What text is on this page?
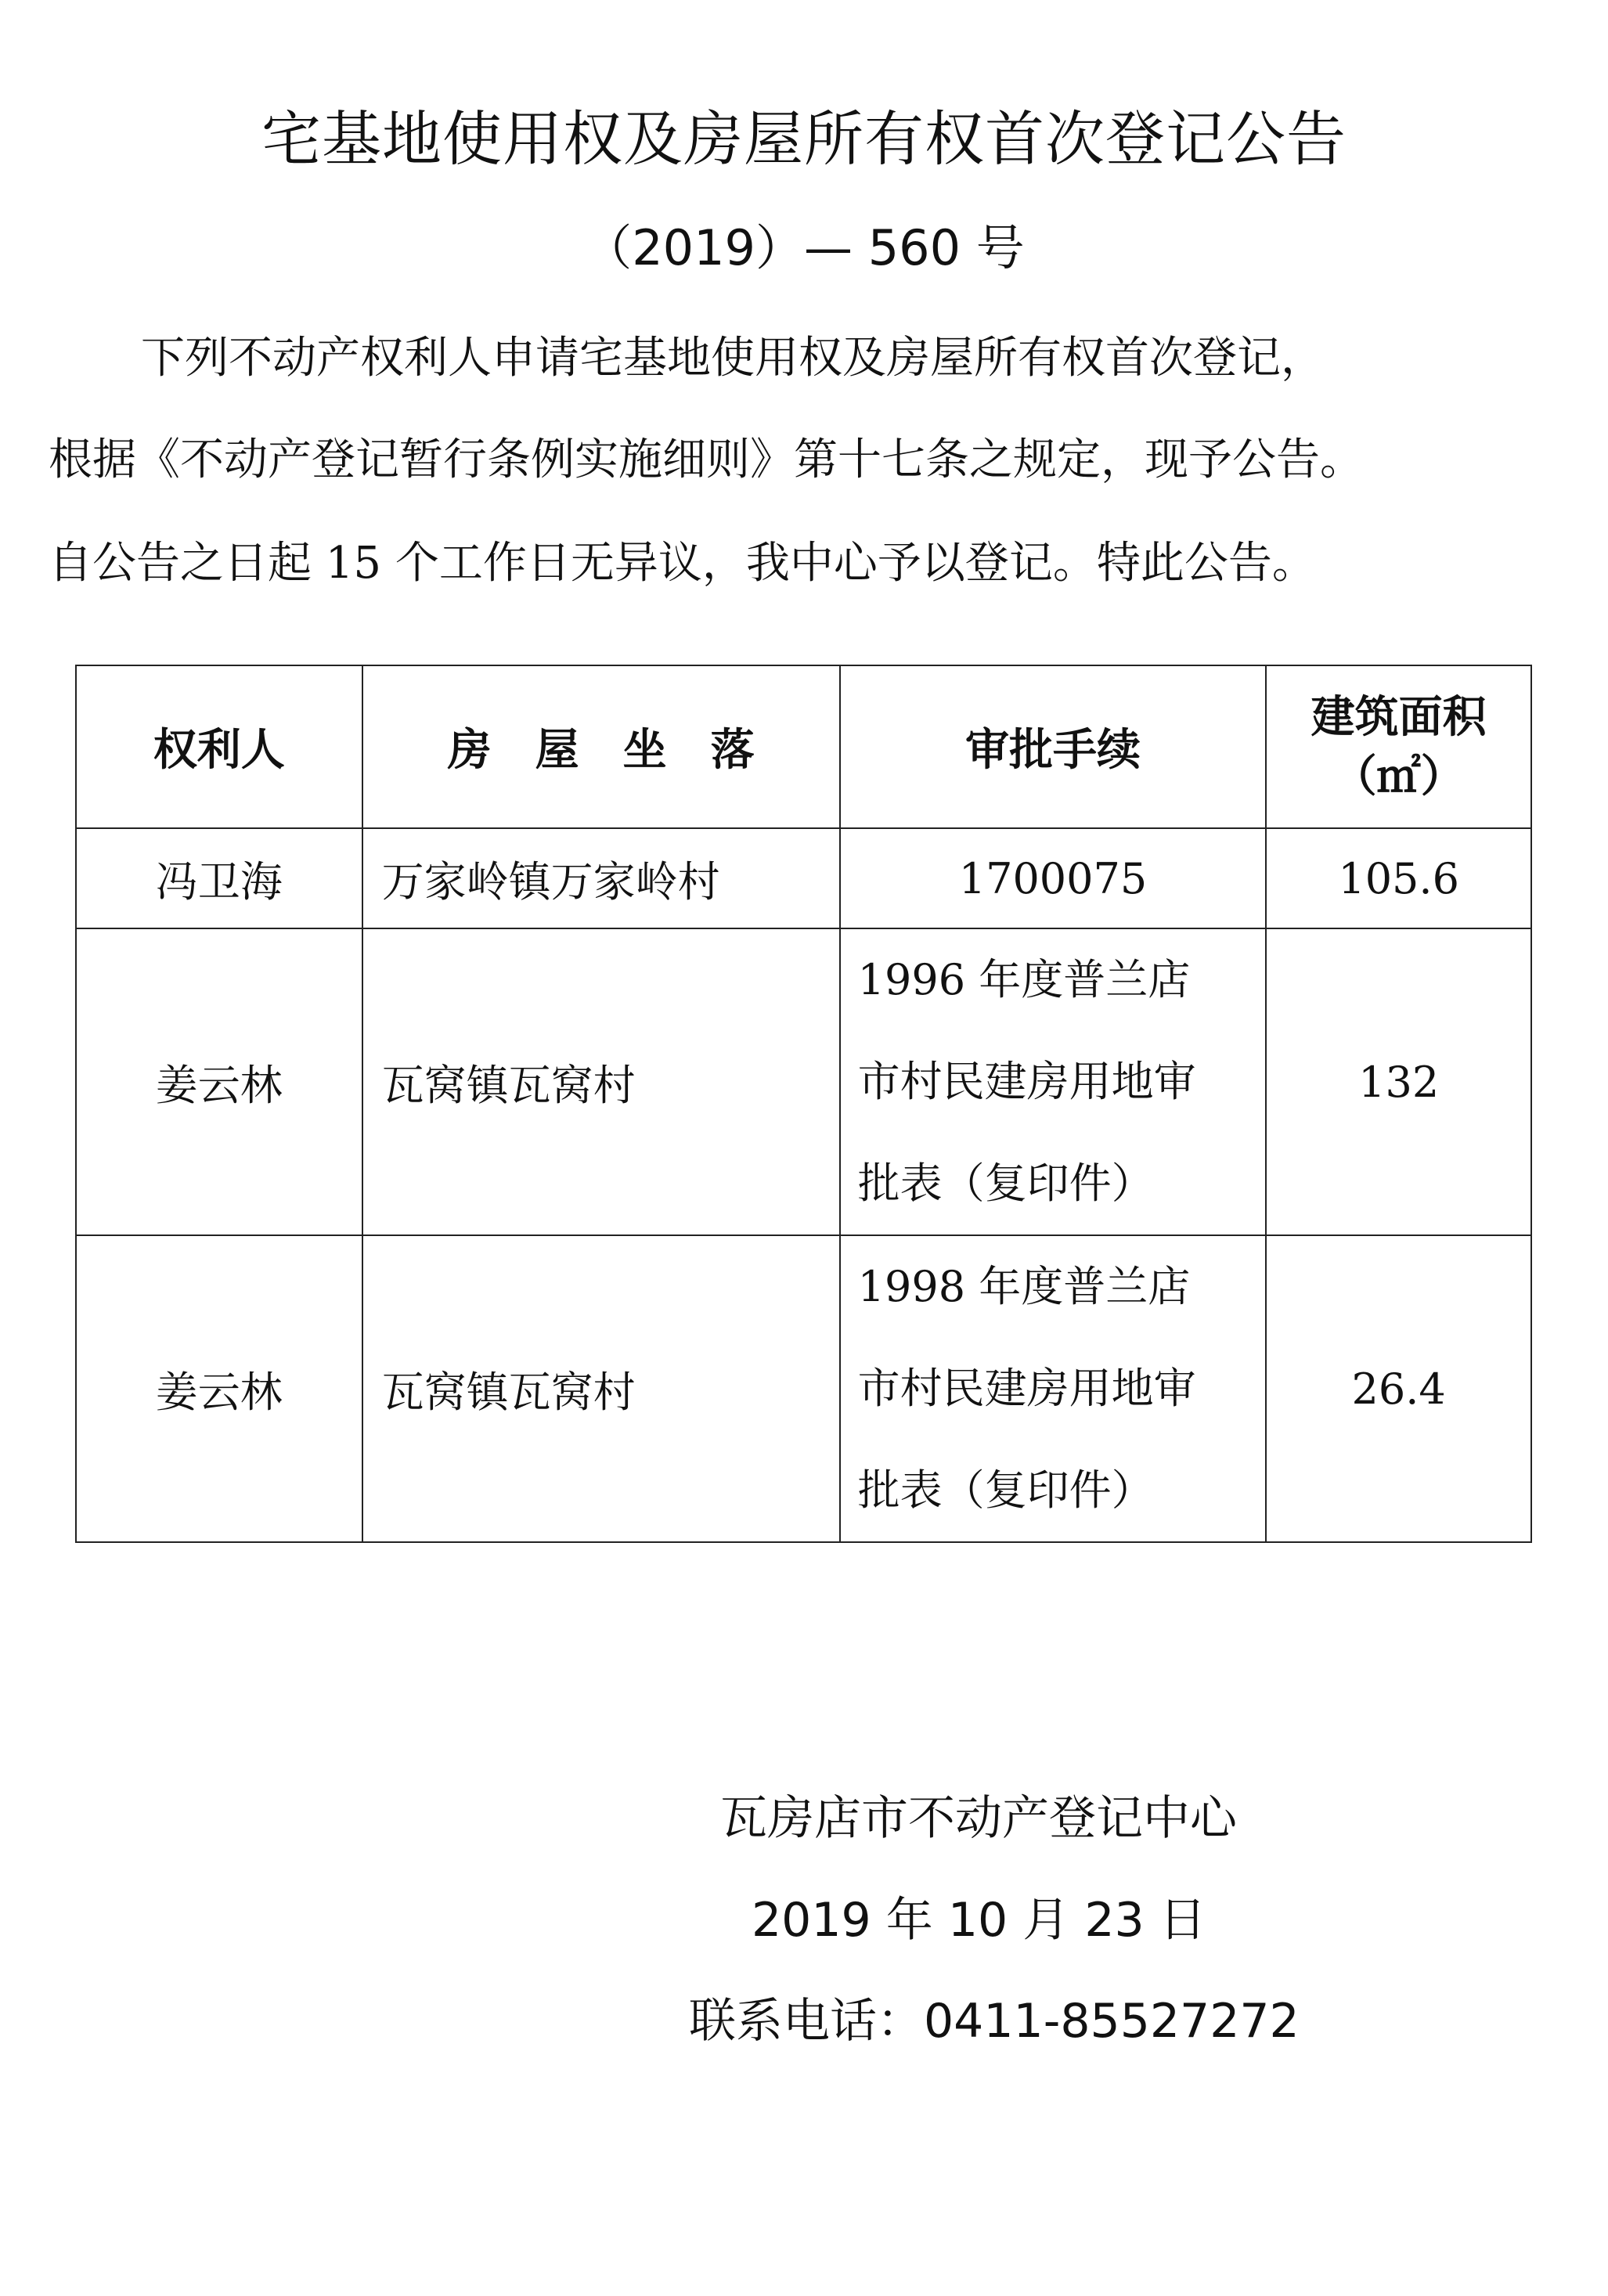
宅基地使用权及房屋所有权首次登记公告
（2019）— 560 号
下列不动产权利人申请宅基地使用权及房屋所有权首次登记，
根据《不动产登记暂行条例实施细则》第十七条之规定，现予公告。
自公告之日起 15 个工作日无异议，我中心予以登记。特此公告。
权利人	房　屋　坐　落	审批手续	建筑面积
（㎡）

冯卫海	万家岭镇万家岭村	1700075	105.6
姜云林	瓦窝镇瓦窝村	1996 年度普兰店
市村民建房用地审
批表（复印件）	132
姜云林	瓦窝镇瓦窝村	1998 年度普兰店
市村民建房用地审
批表（复印件）	26.4
瓦房店市不动产登记中心
2019 年 10 月 23 日
联系电话：0411-85527272
